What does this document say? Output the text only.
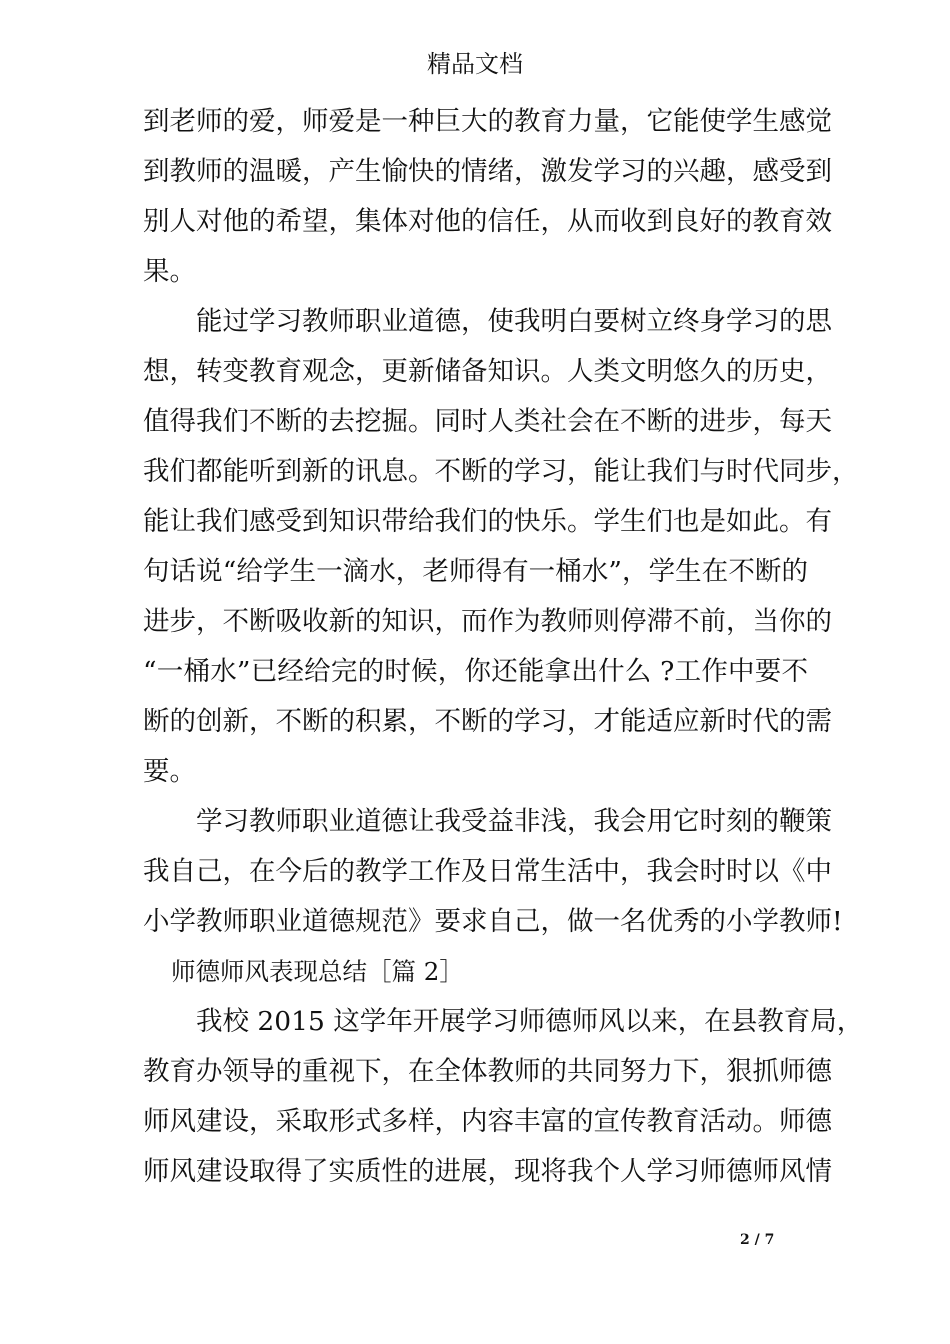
精品文档
到老师的爱，师爱是一种巨大的教育力量，它能使学生感觉
到教师的温暖，产生愉快的情绪，激发学习的兴趣，感受到
别人对他的希望，集体对他的信任，从而收到良好的教育效
果。
能过学习教师职业道德，使我明白要树立终身学习的思
想，转变教育观念，更新储备知识。人类文明悠久的历史，
值得我们不断的去挖掘。同时人类社会在不断的进步，每天
我们都能听到新的讯息。不断的学习，能让我们与时代同步，
能让我们感受到知识带给我们的快乐。学生们也是如此。有
句话说“给学生一滴水，老师得有一桶水”，学生在不断的
进步，不断吸收新的知识，而作为教师则停滞不前，当你的
“一桶水”已经给完的时候，你还能拿出什么 ?工作中要不
断的创新，不断的积累，不断的学习，才能适应新时代的需
要。
学习教师职业道德让我受益非浅，我会用它时刻的鞭策
我自己，在今后的教学工作及日常生活中，我会时时以《中
小学教师职业道德规范》要求自己，做一名优秀的小学教师!
师德师风表现总结［篇 2］
我校 2015 这学年开展学习师德师风以来，在县教育局，
教育办领导的重视下，在全体教师的共同努力下，狠抓师德
师风建设，采取形式多样，内容丰富的宣传教育活动。师德
师风建设取得了实质性的进展，现将我个人学习师德师风情
2 / 7
